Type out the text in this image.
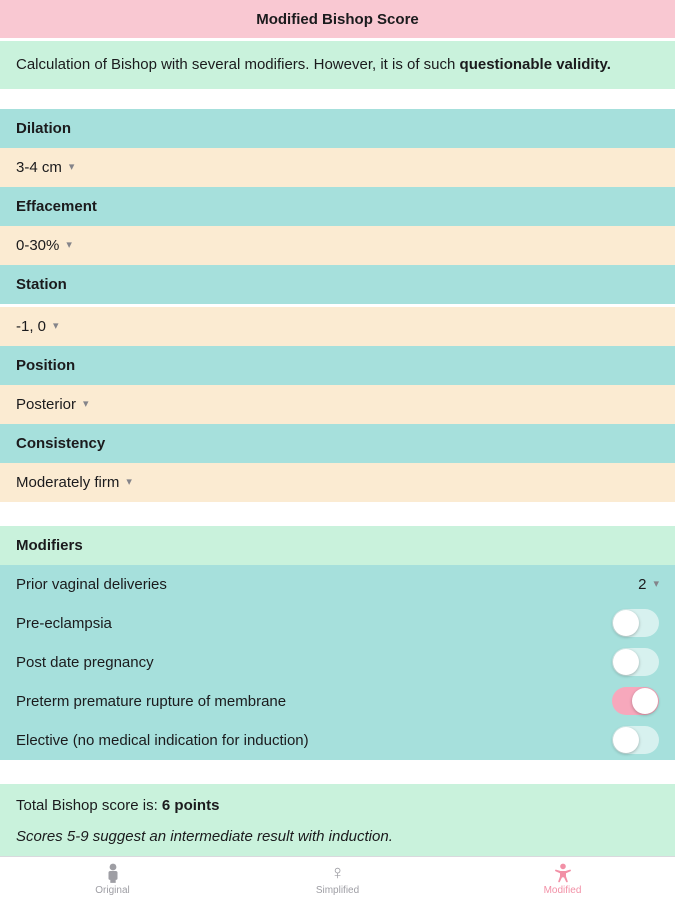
Modified Bishop Score
Calculation of Bishop with several modifiers. However, it is of such questionable validity.
Dilation
3-4 cm ▾
Effacement
0-30% ▾
Station
-1, 0 ▾
Position
Posterior ▾
Consistency
Moderately firm ▾
Modifiers
Prior vaginal deliveries	2 ▾
Pre-eclampsia
Post date pregnancy
Preterm premature rupture of membrane
Elective (no medical indication for induction)
Total Bishop score is: 6 points
Scores 5-9 suggest an intermediate result with induction.
Original
♀
Simplified	Modified
